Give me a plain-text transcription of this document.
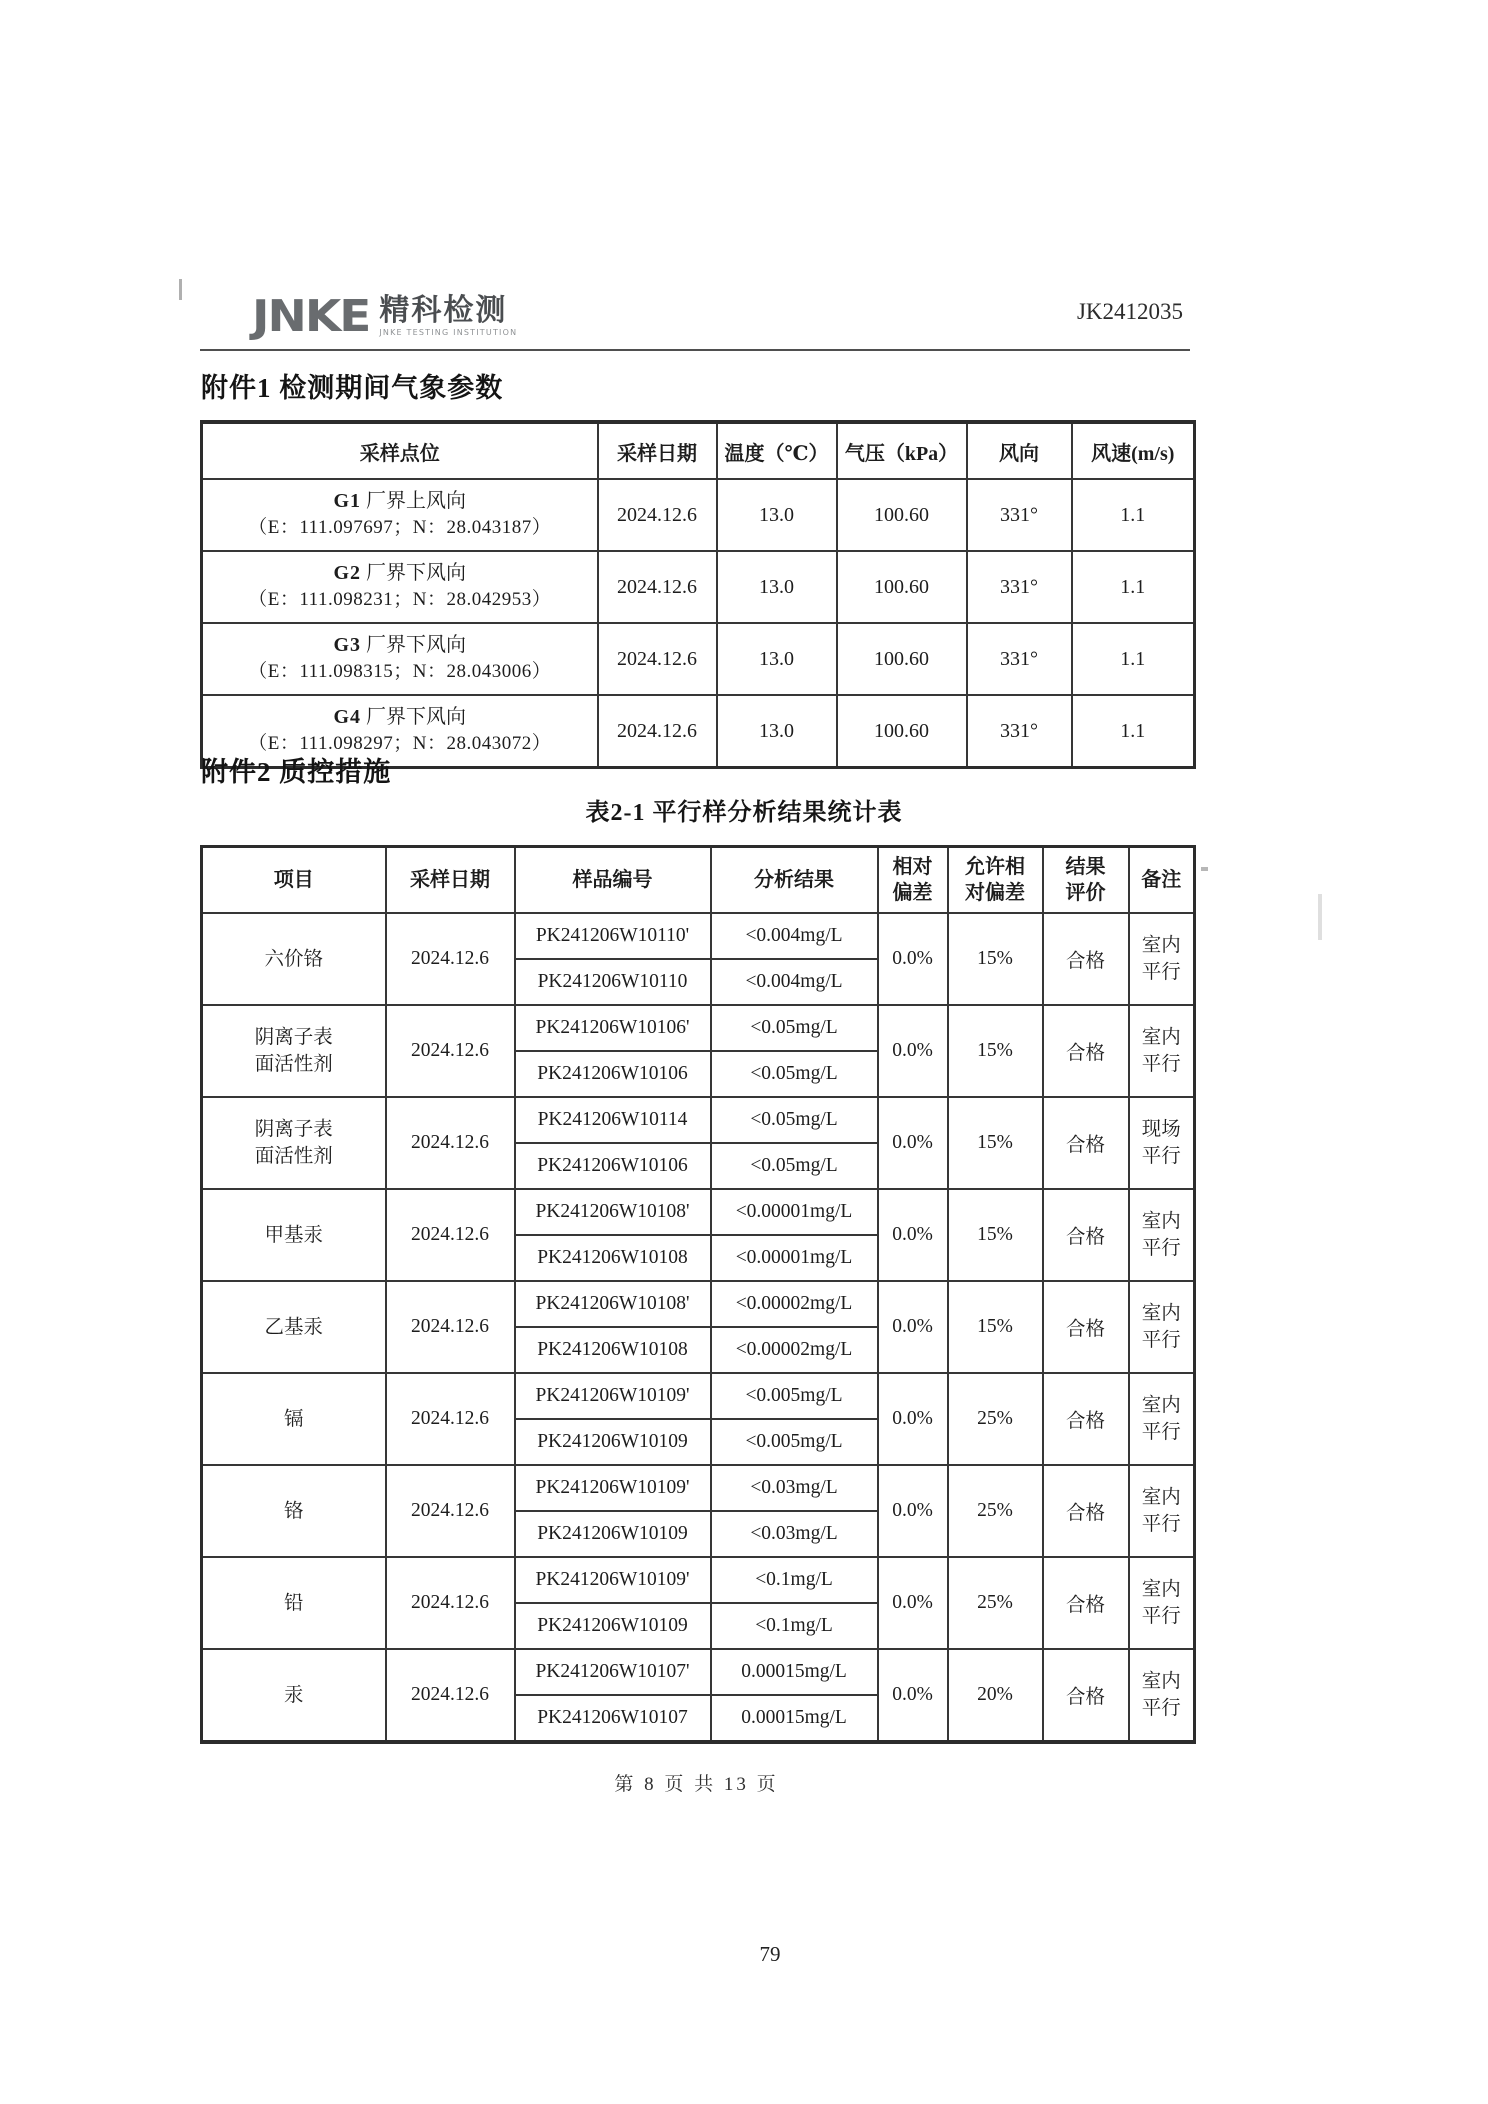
JNKE 精科检测
JNKE TESTING INSTITUTION
JK2412035
附件1 检测期间气象参数
采样点位	采样日期	温度（℃）	气压（kPa）	风向	风速(m/s)

G1 厂界上风向
（E：111.097697；N：28.043187）	2024.12.6	13.0	100.60	331°	1.1

G2 厂界下风向
（E：111.098231；N：28.042953）	2024.12.6	13.0	100.60	331°	1.1

G3 厂界下风向
（E：111.098315；N：28.043006）	2024.12.6	13.0	100.60	331°	1.1

G4 厂界下风向
（E：111.098297；N：28.043072）	2024.12.6	13.0	100.60	331°	1.1
附件2 质控措施
表2-1 平行样分析结果统计表
项目	采样日期	样品编号	分析结果	相对偏差	允许相对偏差	结果评价	备注

六价铬	2024.12.6	PK241206W10110'	<0.004mg/L	0.0%	15%	合格	室内平行

		PK241206W10110	<0.004mg/L				

阴离子表面活性剂	2024.12.6	PK241206W10106'	<0.05mg/L	0.0%	15%	合格	室内平行

		PK241206W10106	<0.05mg/L				

阴离子表面活性剂	2024.12.6	PK241206W10114	<0.05mg/L	0.0%	15%	合格	现场平行

		PK241206W10106	<0.05mg/L				

甲基汞	2024.12.6	PK241206W10108'	<0.00001mg/L	0.0%	15%	合格	室内平行

		PK241206W10108	<0.00001mg/L				

乙基汞	2024.12.6	PK241206W10108'	<0.00002mg/L	0.0%	15%	合格	室内平行

		PK241206W10108	<0.00002mg/L				

镉	2024.12.6	PK241206W10109'	<0.005mg/L	0.0%	25%	合格	室内平行

		PK241206W10109	<0.005mg/L				

铬	2024.12.6	PK241206W10109'	<0.03mg/L	0.0%	25%	合格	室内平行

		PK241206W10109	<0.03mg/L				

铅	2024.12.6	PK241206W10109'	<0.1mg/L	0.0%	25%	合格	室内平行

		PK241206W10109	<0.1mg/L				

汞	2024.12.6	PK241206W10107'	0.00015mg/L	0.0%	20%	合格	室内平行

		PK241206W10107	0.00015mg/L				
第 8 页 共 13 页
79
